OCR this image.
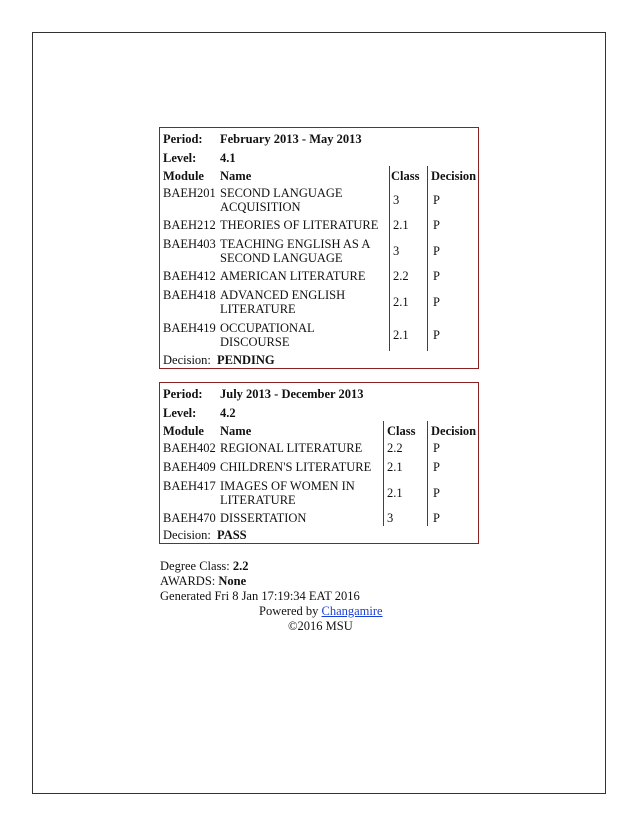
Period: February 2013 - May 2013
Level: 4.1
Module Name	Class Decision
BAEH201 SECOND LANGUAGE
ACQUISITION	3	P
BAEH212 THEORIES OF LITERATURE 2.1 P
BAEH403 TEACHING ENGLISH AS A
SECOND LANGUAGE	3	P
BAEH412 AMERICAN LITERATURE 2.2 P
BAEH418 ADVANCED ENGLISH
LITERATURE	2.1 P
BAEH419 OCCUPATIONAL
DISCOURSE	2.1 P
Decision: PENDING
Period: July 2013 - December 2013
Level: 4.2
Module Name	Class Decision
BAEH402 REGIONAL LITERATURE 2.2 P
BAEH409 CHILDREN'S LITERATURE 2.1 P
BAEH417 IMAGES OF WOMEN IN
LITERATURE	2.1 P
BAEH470 DISSERTATION	3	P
Decision: PASS
Degree Class: 2.2
AWARDS: None
Generated Fri 8 Jan 17:19:34 EAT 2016
Powered by Changamire
©2016 MSU
